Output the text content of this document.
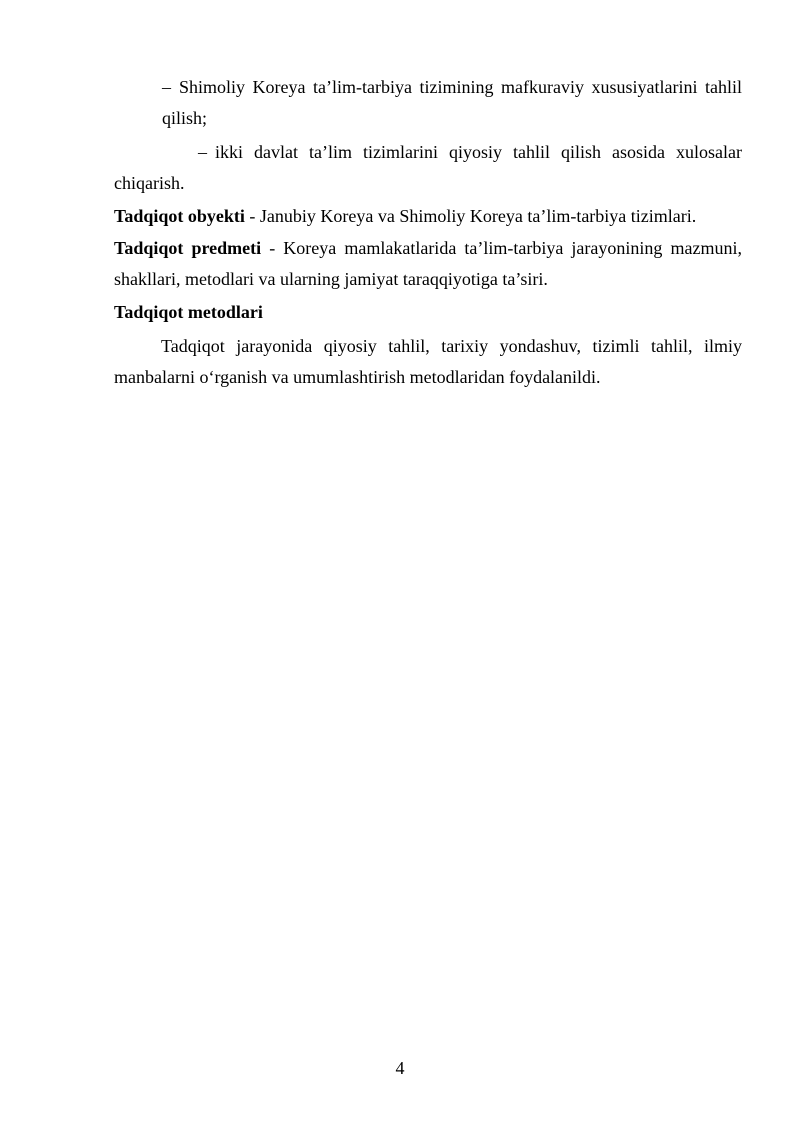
– Shimoliy Koreya ta’lim-tarbiya tizimining mafkuraviy xususiyatlarini tahlil qilish;
– ikki davlat ta’lim tizimlarini qiyosiy tahlil qilish asosida xulosalar chiqarish.
Tadqiqot obyekti - Janubiy Koreya va Shimoliy Koreya ta’lim-tarbiya tizimlari.
Tadqiqot predmeti - Koreya mamlakatlarida ta’lim-tarbiya jarayonining mazmuni, shakllari, metodlari va ularning jamiyat taraqqiyotiga ta’siri.
Tadqiqot metodlari
Tadqiqot jarayonida qiyosiy tahlil, tarixiy yondashuv, tizimli tahlil, ilmiy manbalarni o‘rganish va umumlashtirish metodlaridan foydalanildi.
4
